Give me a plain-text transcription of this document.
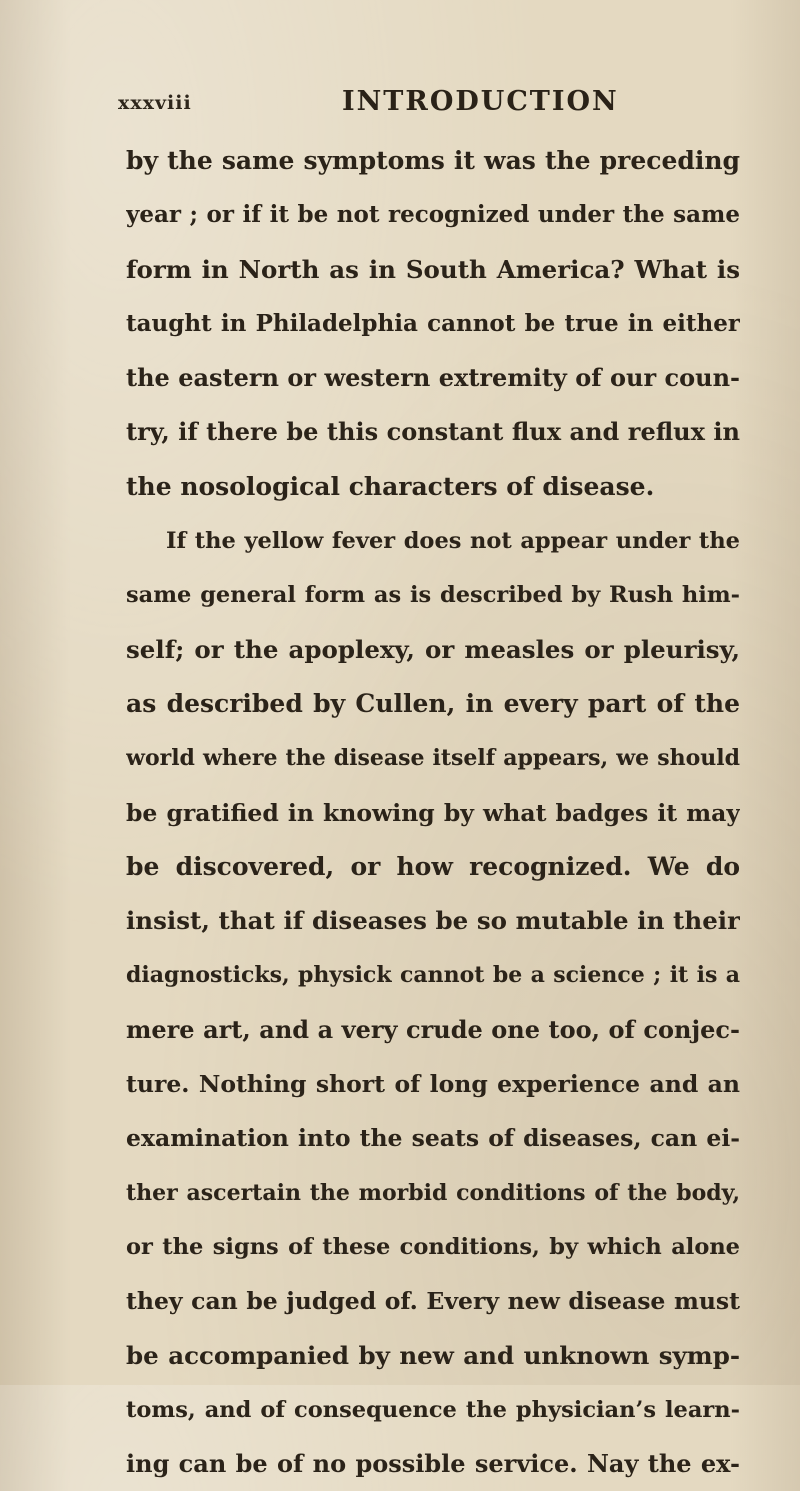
xxxviii	INTRODUCTION
by the same symptoms it was the preceding
year ; or if it be not recognized under the same
form in North as in South America? What is
taught in Philadelphia cannot be true in either
the eastern or western extremity of our coun-
try, if there be this constant flux and reflux in
the nosological characters of disease.
If the yellow fever does not appear under the
same general form as is described by Rush him-
self; or the apoplexy, or measles or pleurisy,
as described by Cullen, in every part of the
world where the disease itself appears, we should
be gratified in knowing by what badges it may
be discovered, or how recognized. We do
insist, that if diseases be so mutable in their
diagnosticks, physick cannot be a science ; it is a
mere art, and a very crude one too, of conjec-
ture. Nothing short of long experience and an
examination into the seats of diseases, can ei-
ther ascertain the morbid conditions of the body,
or the signs of these conditions, by which alone
they can be judged of. Every new disease must
be accompanied by new and unknown symp-
toms, and of consequence the physician’s learn-
ing can be of no possible service. Nay the ex-
